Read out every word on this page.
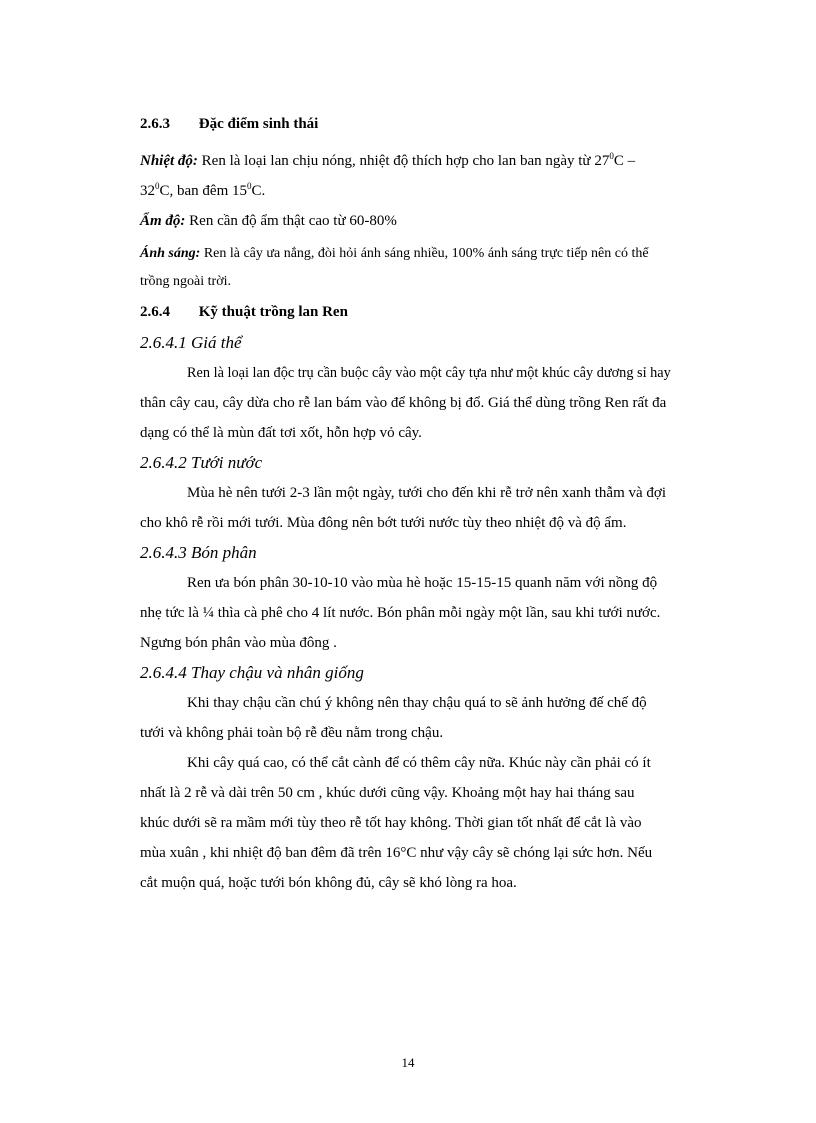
2.6.3 Đặc điểm sinh thái

Nhiệt độ: Ren là loại lan chịu nóng, nhiệt độ thích hợp cho lan ban ngày từ $27^0C$ –
$32^0C$, ban đêm $15^0C$.

Ẩm độ: Ren cần độ ẩm thật cao từ 60-80%

Ánh sáng: Ren là cây ưa nắng, đòi hỏi ánh sáng nhiều, 100% ánh sáng trực tiếp nên có thể
trồng ngoài trời.

2.6.4 Kỹ thuật trồng lan Ren

2.6.4.1 Giá thể

Ren là loại lan độc trụ cần buộc cây vào một cây tựa như một khúc cây dương sỉ hay
thân cây cau, cây dừa cho rễ lan bám vào để không bị đổ. Giá thể dùng trồng Ren rất đa
dạng có thể là mùn đất tơi xốt, hỗn hợp vỏ cây.

2.6.4.2 Tưới nước

Mùa hè nên tưới 2-3 lần một ngày, tưới cho đến khi rễ trở nên xanh thẫm và đợi
cho khô rễ rồi mới tưới. Mùa đông nên bớt tưới nước tùy theo nhiệt độ và độ ẩm.

2.6.4.3 Bón phân

Ren ưa bón phân 30-10-10 vào mùa hè hoặc 15-15-15 quanh năm với nồng độ
nhẹ tức là ¼ thìa cà phê cho 4 lít nước. Bón phân mỗi ngày một lần, sau khi tưới nước.
Ngưng bón phân vào mùa đông .

2.6.4.4 Thay chậu và nhân giống

Khi thay chậu cần chú ý không nên thay chậu quá to sẽ ảnh hưởng đế chế độ
tưới và không phải toàn bộ rễ đều nằm trong chậu.

Khi cây quá cao, có thể cắt cành để có thêm cây nữa. Khúc này cần phải có ít
nhất là 2 rễ và dài trên 50 cm , khúc dưới cũng vậy. Khoảng một hay hai tháng sau
khúc dưới sẽ ra mầm mới tùy theo rễ tốt hay không. Thời gian tốt nhất để cắt là vào
mùa xuân , khi nhiệt độ ban đêm đã trên 16°C như vậy cây sẽ chóng lại sức hơn. Nếu
cắt muộn quá, hoặc tưới bón không đủ, cây sẽ khó lòng ra hoa.

14
